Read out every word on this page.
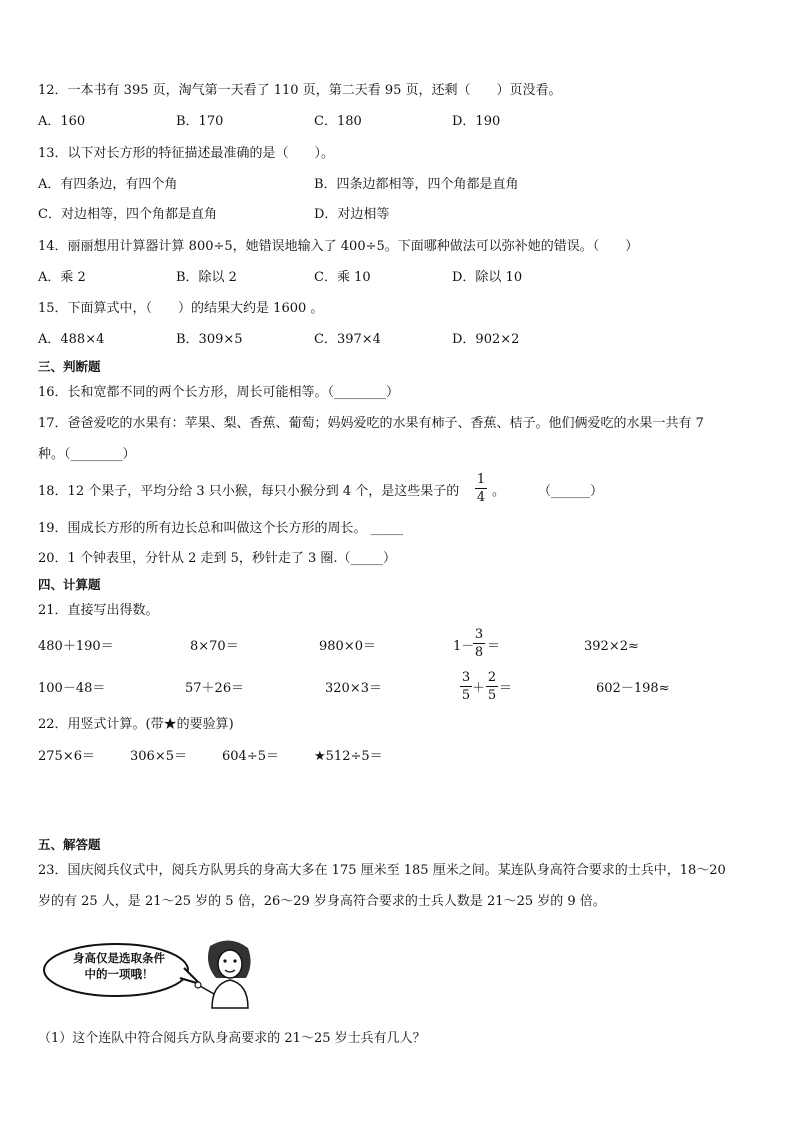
12．一本书有 395 页，淘气第一天看了 110 页，第二天看 95 页，还剩（　　）页没看。
A．160	B．170	C．180	D．190
13．以下对长方形的特征描述最准确的是（　　）。
A．有四条边，有四个角	B．四条边都相等，四个角都是直角
C．对边相等，四个角都是直角	D．对边相等
14．丽丽想用计算器计算 800÷5，她错误地输入了 400÷5。下面哪种做法可以弥补她的错误。（　　）
A．乘 2	B．除以 2	C．乘 10	D．除以 10
15．下面算式中，（　　）的结果大约是 1600 。
A．488×4	B．309×5	C．397×4	D．902×2
三、判断题
16．长和宽都不同的两个长方形，周长可能相等。（________）
17．爸爸爱吃的水果有：苹果、梨、香蕉、葡萄；妈妈爱吃的水果有柿子、香蕉、桔子。他们俩爱吃的水果一共有 7
种。（________）
18．12 个果子，平均分给 3 只小猴，每只小猴分到 4 个，是这些果子的
1
4 。	（______）
19．围成长方形的所有边长总和叫做这个长方形的周长。 _____
20．1 个钟表里，分针从 2 走到 5，秒针走了 3 圈.（_____）
四、计算题
21．直接写出得数。
480＋190＝	8×70＝	980×0＝	1－
3
8 ＝	392×2≈
100－48＝	57＋26＝	320×3＝
3
5 ＋
2
5 ＝	602－198≈
22．用竖式计算。(带★的要验算)
275×6＝	306×5＝	604÷5＝	★512÷5＝
五、解答题
23．国庆阅兵仪式中，阅兵方队男兵的身高大多在 175 厘米至 185 厘米之间。某连队身高符合要求的士兵中，18～20
岁的有 25 人，是 21～25 岁的 5 倍，26～29 岁身高符合要求的士兵人数是 21～25 岁的 9 倍。
身高仅是选取条件
中的一项哦！
（1）这个连队中符合阅兵方队身高要求的 21～25 岁士兵有几人？
